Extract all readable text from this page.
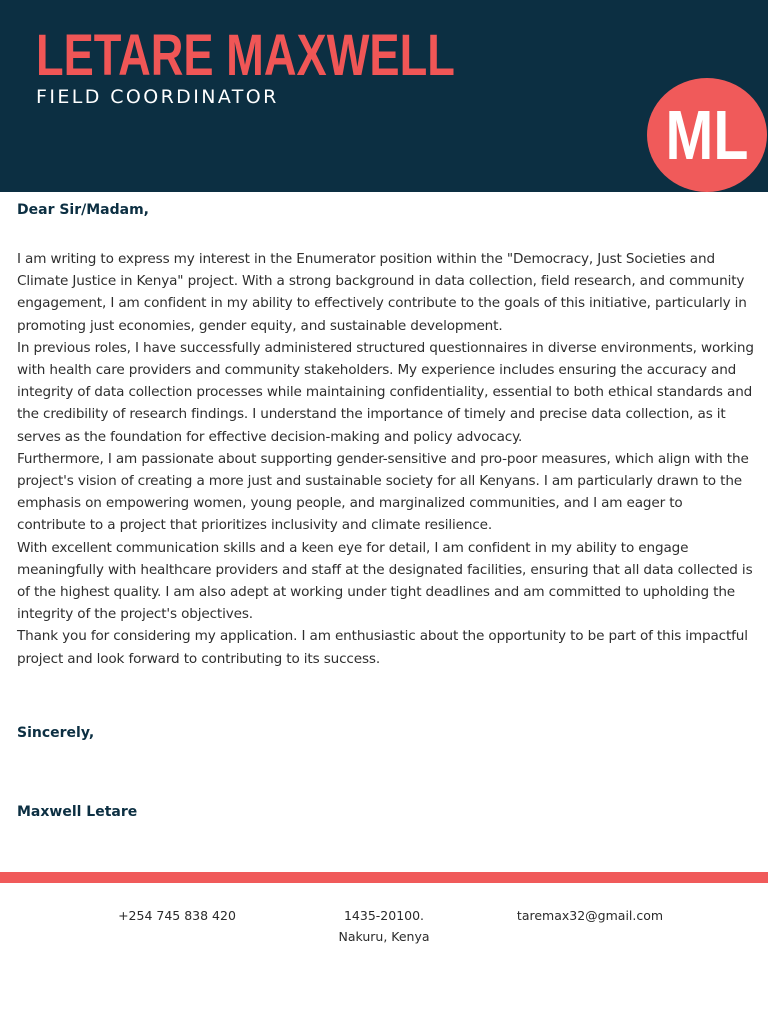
LETARE MAXWELL
FIELD COORDINATOR	ML

Dear Sir/Madam,

I am writing to express my interest in the Enumerator position within the "Democracy, Just Societies and Climate Justice in Kenya" project. With a strong background in data collection, field research, and community engagement, I am confident in my ability to effectively contribute to the goals of this initiative, particularly in promoting just economies, gender equity, and sustainable development.

In previous roles, I have successfully administered structured questionnaires in diverse environments, working with health care providers and community stakeholders. My experience includes ensuring the accuracy and integrity of data collection processes while maintaining confidentiality, essential to both ethical standards and the credibility of research findings. I understand the importance of timely and precise data collection, as it serves as the foundation for effective decision-making and policy advocacy.

Furthermore, I am passionate about supporting gender-sensitive and pro-poor measures, which align with the project's vision of creating a more just and sustainable society for all Kenyans. I am particularly drawn to the emphasis on empowering women, young people, and marginalized communities, and I am eager to contribute to a project that prioritizes inclusivity and climate resilience.

With excellent communication skills and a keen eye for detail, I am confident in my ability to engage meaningfully with healthcare providers and staff at the designated facilities, ensuring that all data collected is of the highest quality. I am also adept at working under tight deadlines and am committed to upholding the integrity of the project's objectives.

Thank you for considering my application. I am enthusiastic about the opportunity to be part of this impactful project and look forward to contributing to its success.

Sincerely,

Maxwell Letare

+254 745 838 420	1435-20100.
Nakuru, Kenya
taremax32@gmail.com
